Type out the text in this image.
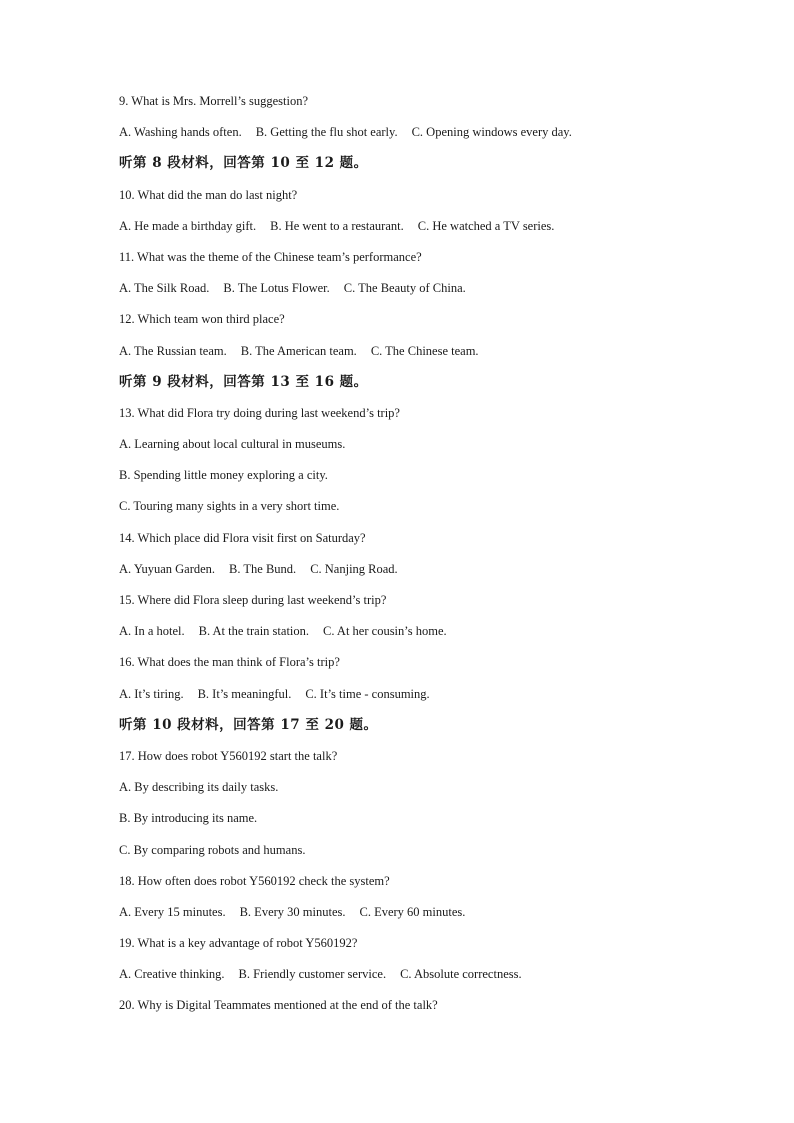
9. What is Mrs. Morrell’s suggestion?
A. Washing hands often. B. Getting the flu shot early. C. Opening windows every day.
听第 8 段材料，回答第 10 至 12 题。
10. What did the man do last night?
A. He made a birthday gift. B. He went to a restaurant. C. He watched a TV series.
11. What was the theme of the Chinese team’s performance?
A. The Silk Road. B. The Lotus Flower. C. The Beauty of China.
12. Which team won third place?
A. The Russian team. B. The American team. C. The Chinese team.
听第 9 段材料，回答第 13 至 16 题。
13. What did Flora try doing during last weekend’s trip?
A. Learning about local cultural in museums.
B. Spending little money exploring a city.
C. Touring many sights in a very short time.
14. Which place did Flora visit first on Saturday?
A. Yuyuan Garden. B. The Bund. C. Nanjing Road.
15. Where did Flora sleep during last weekend’s trip?
A. In a hotel. B. At the train station. C. At her cousin’s home.
16. What does the man think of Flora’s trip?
A. It’s tiring. B. It’s meaningful. C. It’s time - consuming.
听第 10 段材料，回答第 17 至 20 题。
17. How does robot Y560192 start the talk?
A. By describing its daily tasks.
B. By introducing its name.
C. By comparing robots and humans.
18. How often does robot Y560192 check the system?
A. Every 15 minutes. B. Every 30 minutes. C. Every 60 minutes.
19. What is a key advantage of robot Y560192?
A. Creative thinking. B. Friendly customer service. C. Absolute correctness.
20. Why is Digital Teammates mentioned at the end of the talk?
